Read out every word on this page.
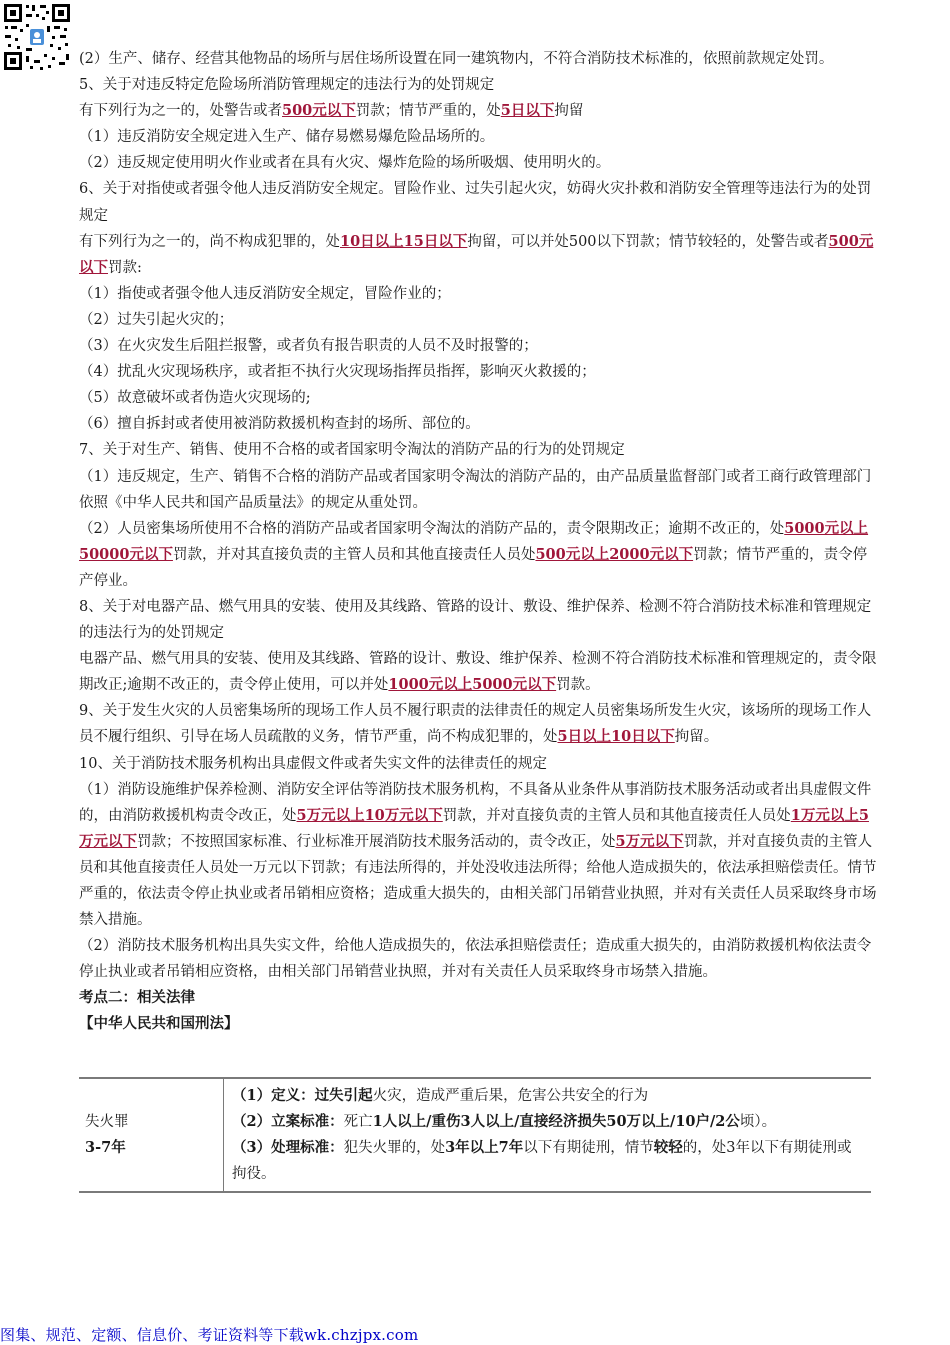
(2）生产、储存、经营其他物品的场所与居住场所设置在同一建筑物内，不符合消防技术标准的，依照前款规定处罚。

5、关于对违反特定危险场所消防管理规定的违法行为的处罚规定

有下列行为之一的，处警告或者500元以下罚款；情节严重的，处5日以下拘留

（1）违反消防安全规定进入生产、储存易燃易爆危险品场所的。

（2）违反规定使用明火作业或者在具有火灾、爆炸危险的场所吸烟、使用明火的。

6、关于对指使或者强令他人违反消防安全规定。冒险作业、过失引起火灾，妨碍火灾扑救和消防安全管理等违法行为的处罚规定

有下列行为之一的，尚不构成犯罪的，处10日以上15日以下拘留，可以并处500以下罚款；情节较轻的，处警告或者500元以下罚款:

（1）指使或者强令他人违反消防安全规定，冒险作业的；

（2）过失引起火灾的；

（3）在火灾发生后阻拦报警，或者负有报告职责的人员不及时报警的；

（4）扰乱火灾现场秩序，或者拒不执行火灾现场指挥员指挥，影响灭火救援的；

（5）故意破坏或者伪造火灾现场的;

（6）擅自拆封或者使用被消防救援机构查封的场所、部位的。

7、关于对生产、销售、使用不合格的或者国家明令淘汰的消防产品的行为的处罚规定

（1）违反规定，生产、销售不合格的消防产品或者国家明令淘汰的消防产品的，由产品质量监督部门或者工商行政管理部门依照《中华人民共和国产品质量法》的规定从重处罚。

（2）人员密集场所使用不合格的消防产品或者国家明令淘汰的消防产品的，责令限期改正；逾期不改正的，处5000元以上50000元以下罚款，并对其直接负责的主管人员和其他直接责任人员处500元以上2000元以下罚款；情节严重的，责令停产停业。

8、关于对电器产品、燃气用具的安装、使用及其线路、管路的设计、敷设、维护保养、检测不符合消防技术标准和管理规定的违法行为的处罚规定

电器产品、燃气用具的安装、使用及其线路、管路的设计、敷设、维护保养、检测不符合消防技术标准和管理规定的，责令限期改正;逾期不改正的，责令停止使用，可以并处1000元以上5000元以下罚款。

9、关于发生火灾的人员密集场所的现场工作人员不履行职责的法律责任的规定人员密集场所发生火灾，该场所的现场工作人员不履行组织、引导在场人员疏散的义务，情节严重，尚不构成犯罪的，处5日以上10日以下拘留。

10、关于消防技术服务机构出具虚假文件或者失实文件的法律责任的规定

（1）消防设施维护保养检测、消防安全评估等消防技术服务机构，不具备从业条件从事消防技术服务活动或者出具虚假文件的，由消防救援机构责令改正，处5万元以上10万元以下罚款，并对直接负责的主管人员和其他直接责任人员处1万元以上5万元以下罚款；不按照国家标准、行业标准开展消防技术服务活动的，责令改正，处5万元以下罚款，并对直接负责的主管人员和其他直接责任人员处一万元以下罚款；有违法所得的，并处没收违法所得；给他人造成损失的，依法承担赔偿责任。情节严重的，依法责令停止执业或者吊销相应资格；造成重大损失的，由相关部门吊销营业执照，并对有关责任人员采取终身市场禁入措施。

（2）消防技术服务机构出具失实文件，给他人造成损失的，依法承担赔偿责任；造成重大损失的，由消防救援机构依法责令停止执业或者吊销相应资格，由相关部门吊销营业执照，并对有关责任人员采取终身市场禁入措施。

考点二：相关法律

【中华人民共和国刑法】

失火罪
3-7年

（1）定义：过失引起火灾，造成严重后果，危害公共安全的行为
（2）立案标准：死亡1人以上/重伤3人以上/直接经济损失50万以上/10户/2公顷）。
（3）处理标准：犯失火罪的，处3年以上7年以下有期徒刑，情节较轻的，处3年以下有期徒刑或拘役。
图集、规范、定额、信息价、考证资料等下载wk.chzjpx.com
